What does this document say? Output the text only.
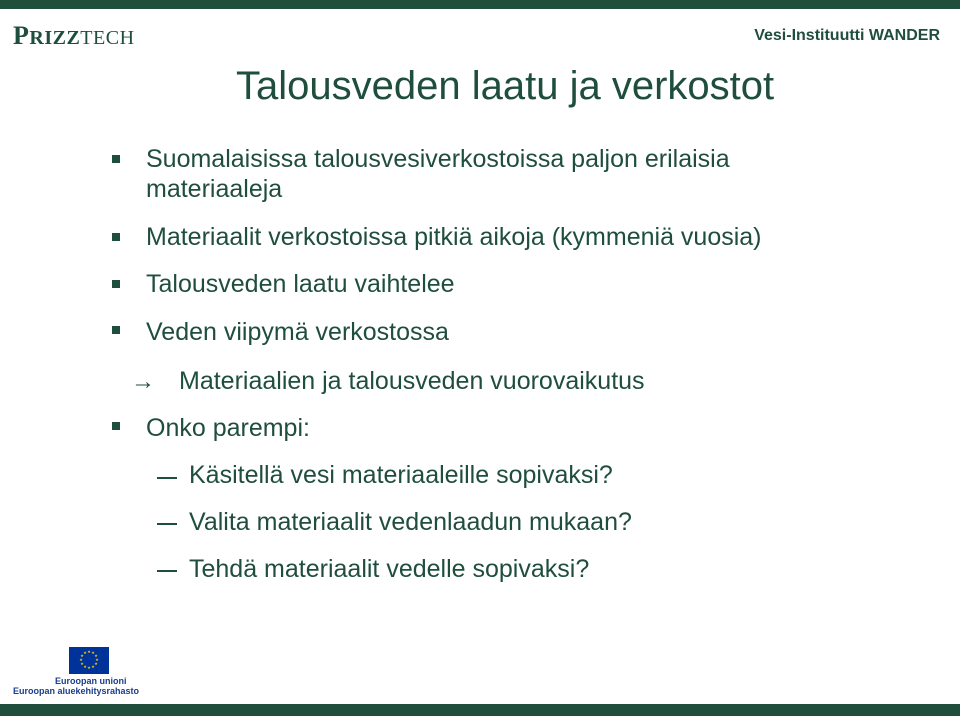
PRIZZTECH	Vesi-Instituutti WANDER
Talousveden laatu ja verkostot
Suomalaisissa talousvesiverkostoissa paljon erilaisia
materiaaleja
Materiaalit verkostoissa pitkiä aikoja (kymmeniä vuosia)
Talousveden laatu vaihtelee
Veden viipymä verkostossa
→ Materiaalien ja talousveden vuorovaikutus
Onko parempi:
Käsitellä vesi materiaaleille sopivaksi?
Valita materiaalit vedenlaadun mukaan?
Tehdä materiaalit vedelle sopivaksi?
★ ★
★
★
★
★
★
★
★
★
★
★
Euroopan unioni
Euroopan aluekehitysrahasto
